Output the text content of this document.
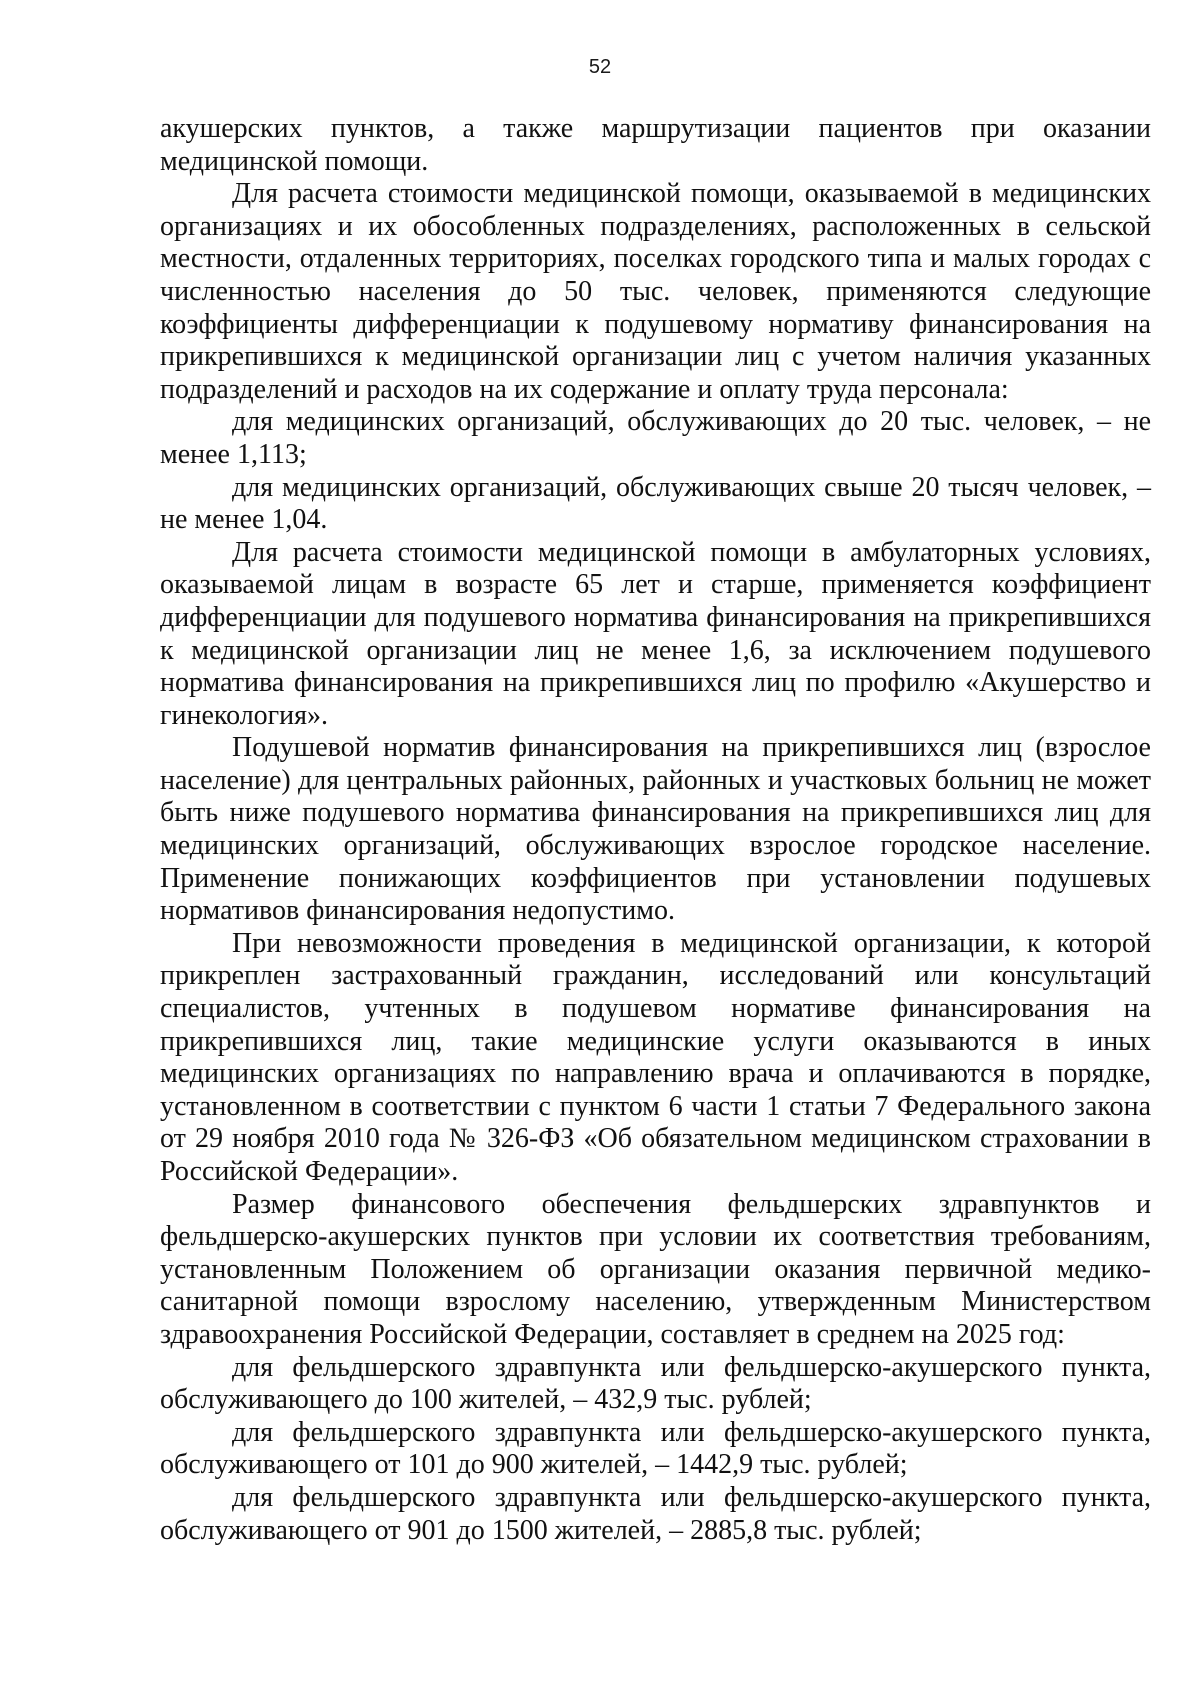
52

акушерских пунктов, а также маршрутизации пациентов при оказании медицинской помощи.

Для расчета стоимости медицинской помощи, оказываемой в медицинских организациях и их обособленных подразделениях, расположенных в сельской местности, отдаленных территориях, поселках городского типа и малых городах с численностью населения до 50 тыс. человек, применяются следующие коэффициенты дифференциации к подушевому нормативу финансирования на прикрепившихся к медицинской организации лиц с учетом наличия указанных подразделений и расходов на их содержание и оплату труда персонала:

для медицинских организаций, обслуживающих до 20 тыс. человек, – не менее 1,113;

для медицинских организаций, обслуживающих свыше 20 тысяч человек, – не менее 1,04.

Для расчета стоимости медицинской помощи в амбулаторных условиях, оказываемой лицам в возрасте 65 лет и старше, применяется коэффициент дифференциации для подушевого норматива финансирования на прикрепившихся к медицинской организации лиц не менее 1,6, за исключением подушевого норматива финансирования на прикрепившихся лиц по профилю «Акушерство и гинекология».

Подушевой норматив финансирования на прикрепившихся лиц (взрослое население) для центральных районных, районных и участковых больниц не может быть ниже подушевого норматива финансирования на прикрепившихся лиц для медицинских организаций, обслуживающих взрослое городское население. Применение понижающих коэффициентов при установлении подушевых нормативов финансирования недопустимо.

При невозможности проведения в медицинской организации, к которой прикреплен застрахованный гражданин, исследований или консультаций специалистов, учтенных в подушевом нормативе финансирования на прикрепившихся лиц, такие медицинские услуги оказываются в иных медицинских организациях по направлению врача и оплачиваются в порядке, установленном в соответствии с пунктом 6 части 1 статьи 7 Федерального закона от 29 ноября 2010 года № 326-ФЗ «Об обязательном медицинском страховании в Российской Федерации».

Размер финансового обеспечения фельдшерских здравпунктов и фельдшерско-акушерских пунктов при условии их соответствия требованиям, установленным Положением об организации оказания первичной медико-санитарной помощи взрослому населению, утвержденным Министерством здравоохранения Российской Федерации, составляет в среднем на 2025 год:

для фельдшерского здравпункта или фельдшерско-акушерского пункта, обслуживающего до 100 жителей, – 432,9 тыс. рублей;

для фельдшерского здравпункта или фельдшерско-акушерского пункта, обслуживающего от 101 до 900 жителей, – 1442,9 тыс. рублей;

для фельдшерского здравпункта или фельдшерско-акушерского пункта, обслуживающего от 901 до 1500 жителей, – 2885,8 тыс. рублей;
